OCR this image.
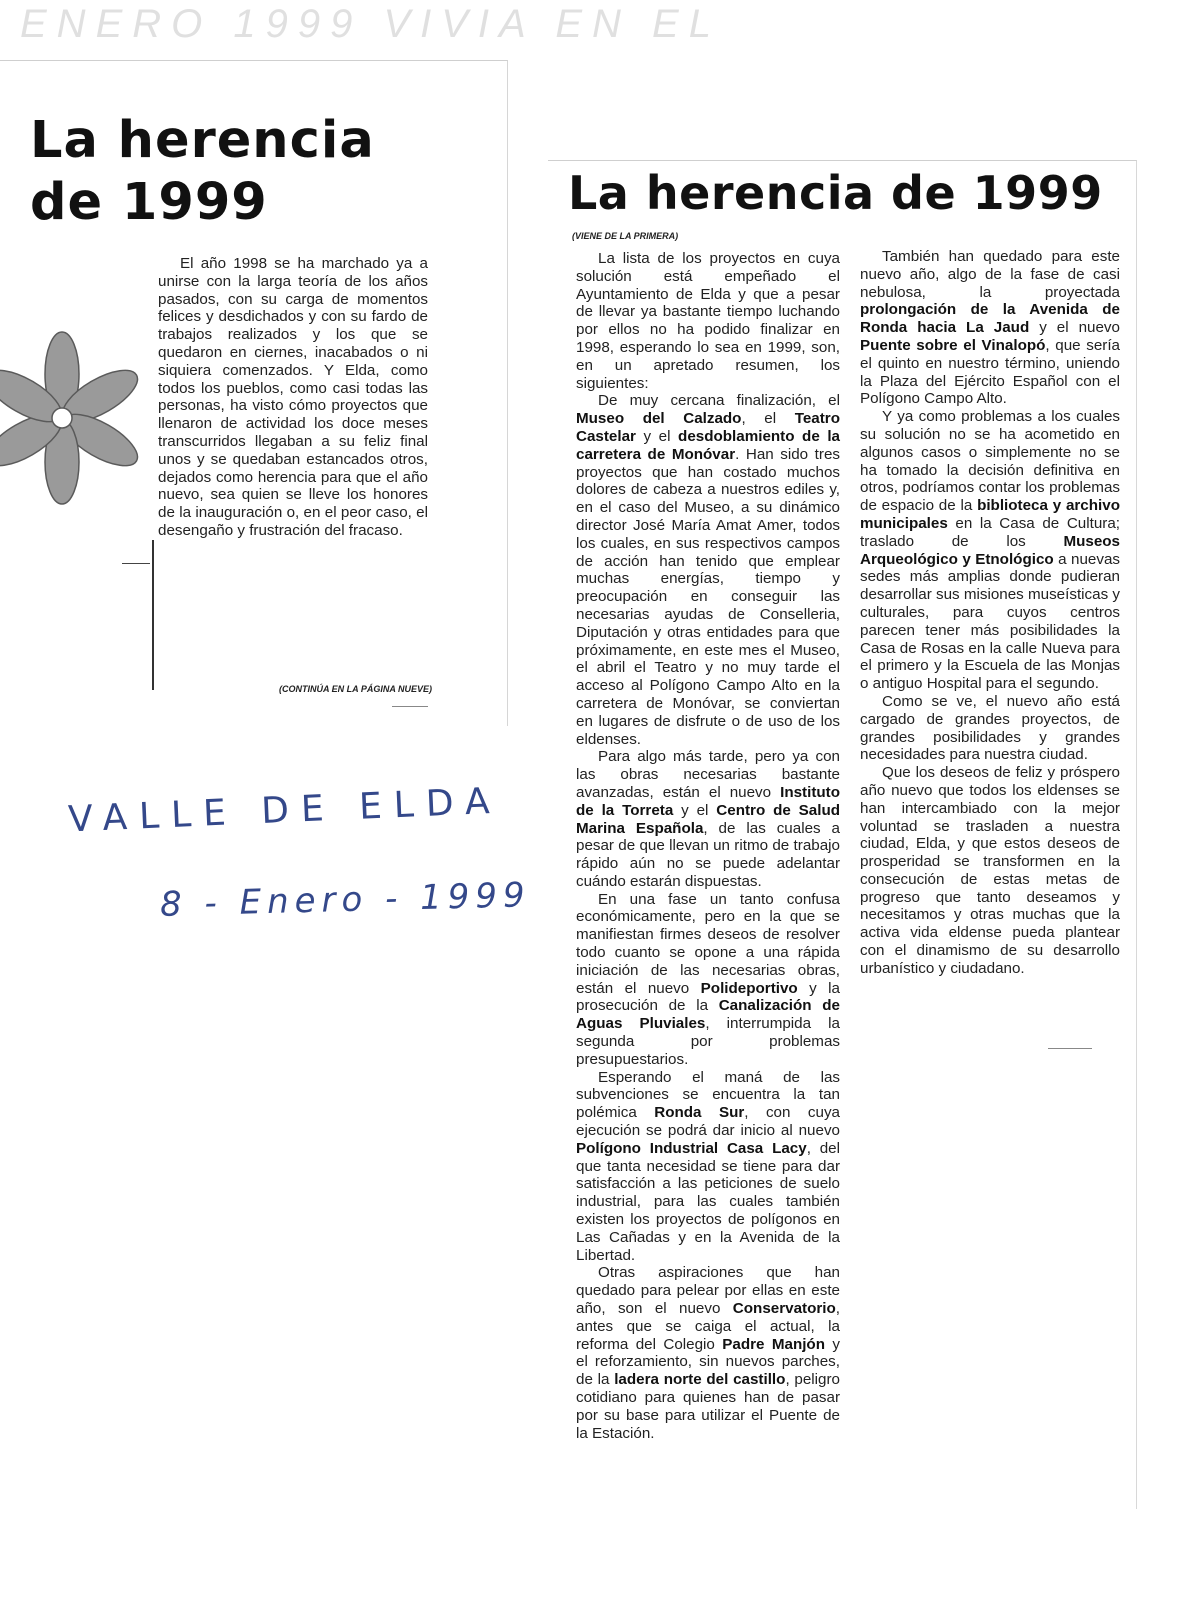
ENERO 1999 VIVIA EN EL
La herencia
de 1999

El año 1998 se ha marchado ya a unirse con la larga teoría de los años pasados, con su carga de momentos felices y desdichados y con su fardo de trabajos realizados y los que se quedaron en ciernes, inacabados o ni siquiera comenzados. Y Elda, como todos los pueblos, como casi todas las personas, ha visto cómo proyectos que llenaron de actividad los doce meses transcurridos llegaban a su feliz final unos y se quedaban estancados otros, dejados como herencia para que el año nuevo, sea quien se lleve los honores de la inauguración o, en el peor caso, el desengaño y frustración del fracaso.

(CONTINÚA EN LA PÁGINA NUEVE)
VALLE DE ELDA
8 - Enero - 1999
La herencia de 1999
(VIENE DE LA PRIMERA)

La lista de los proyectos en cuya solución está empeñado el Ayuntamiento de Elda y que a pesar de llevar ya bastante tiempo luchando por ellos no ha podido finalizar en 1998, esperando lo sea en 1999, son, en un apretado resumen, los siguientes:

De muy cercana finalización, el Museo del Calzado, el Teatro Castelar y el desdoblamiento de la carretera de Monóvar. Han sido tres proyectos que han costado muchos dolores de cabeza a nuestros ediles y, en el caso del Museo, a su dinámico director José María Amat Amer, todos los cuales, en sus respectivos campos de acción han tenido que emplear muchas energías, tiempo y preocupación en conseguir las necesarias ayudas de Conselleria, Diputación y otras entidades para que próximamente, en este mes el Museo, el abril el Teatro y no muy tarde el acceso al Polígono Campo Alto en la carretera de Monóvar, se conviertan en lugares de disfrute o de uso de los eldenses.

Para algo más tarde, pero ya con las obras necesarias bastante avanzadas, están el nuevo Instituto de la Torreta y el Centro de Salud Marina Española, de las cuales a pesar de que llevan un ritmo de trabajo rápido aún no se puede adelantar cuándo estarán dispuestas.

En una fase un tanto confusa económicamente, pero en la que se manifiestan firmes deseos de resolver todo cuanto se opone a una rápida iniciación de las necesarias obras, están el nuevo Polideportivo y la prosecución de la Canalización de Aguas Pluviales, interrumpida la segunda por problemas presupuestarios.

Esperando el maná de las subvenciones se encuentra la tan polémica Ronda Sur, con cuya ejecución se podrá dar inicio al nuevo Polígono Industrial Casa Lacy, del que tanta necesidad se tiene para dar satisfacción a las peticiones de suelo industrial, para las cuales también existen los proyectos de polígonos en Las Cañadas y en la Avenida de la Libertad.

Otras aspiraciones que han quedado para pelear por ellas en este año, son el nuevo Conservatorio, antes que se caiga el actual, la reforma del Colegio Padre Manjón y el reforzamiento, sin nuevos parches, de la ladera norte del castillo, peligro cotidiano para quienes han de pasar por su base para utilizar el Puente de la Estación.

También han quedado para este nuevo año, algo de la fase de casi nebulosa, la proyectada prolongación de la Avenida de Ronda hacia La Jaud y el nuevo Puente sobre el Vinalopó, que sería el quinto en nuestro término, uniendo la Plaza del Ejército Español con el Polígono Campo Alto.

Y ya como problemas a los cuales su solución no se ha acometido en algunos casos o simplemente no se ha tomado la decisión definitiva en otros, podríamos contar los problemas de espacio de la biblioteca y archivo municipales en la Casa de Cultura; traslado de los Museos Arqueológico y Etnológico a nuevas sedes más amplias donde pudieran desarrollar sus misiones museísticas y culturales, para cuyos centros parecen tener más posibilidades la Casa de Rosas en la calle Nueva para el primero y la Escuela de las Monjas o antiguo Hospital para el segundo.

Como se ve, el nuevo año está cargado de grandes proyectos, de grandes posibilidades y grandes necesidades para nuestra ciudad.

Que los deseos de feliz y próspero año nuevo que todos los eldenses se han intercambiado con la mejor voluntad se trasladen a nuestra ciudad, Elda, y que estos deseos de prosperidad se transformen en la consecución de estas metas de progreso que tanto deseamos y necesitamos y otras muchas que la activa vida eldense pueda plantear con el dinamismo de su desarrollo urbanístico y ciudadano.
